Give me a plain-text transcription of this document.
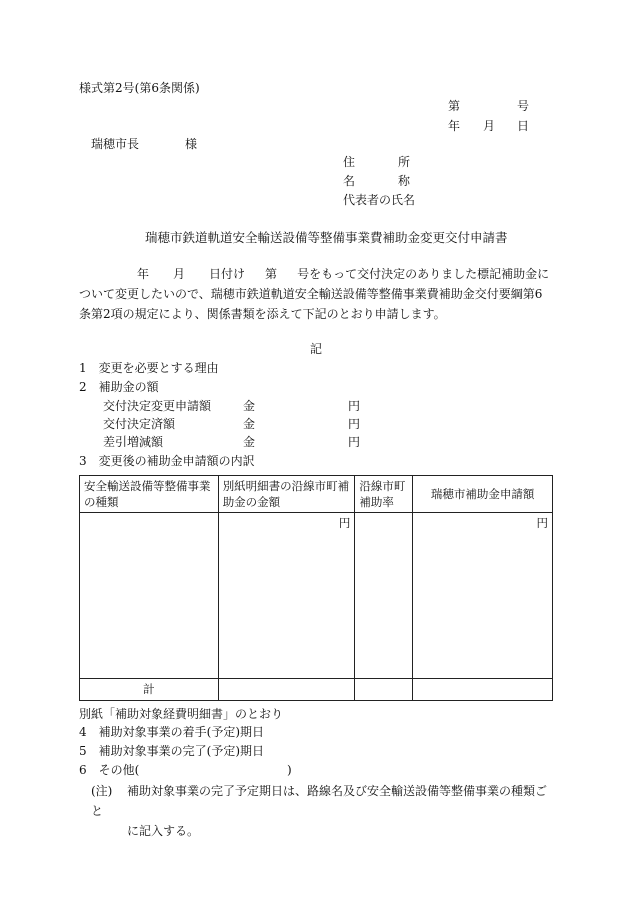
様式第2号(第6条関係)
第	号
年 月 日
瑞穂市長	様
住	所
名	称
代表者の氏名
瑞穂市鉄道軌道安全輸送設備等整備事業費補助金変更交付申請書
年 月 日付け 第 号をもって交付決定のありました標記補助金について変更したいので、瑞穂市鉄道軌道安全輸送設備等整備事業費補助金交付要綱第6条第2項の規定により、関係書類を添えて下記のとおり申請します。
記
1　変更を必要とする理由
2　補助金の額
交付決定変更申請額	金	円
交付決定済額	金	円
差引増減額	金	円
3　変更後の補助金申請額の内訳
安全輸送設備等整備事業の種類	別紙明細書の沿線市町補助金の金額	沿線市町補助率	瑞穂市補助金申請額
	円		円
計			
別紙「補助対象経費明細書」のとおり
4　補助対象事業の着手(予定)期日
5　補助対象事業の完了(予定)期日
6　その他(	)
(注) 補助対象事業の完了予定期日は、路線名及び安全輸送設備等整備事業の種類ごと
に記入する。
